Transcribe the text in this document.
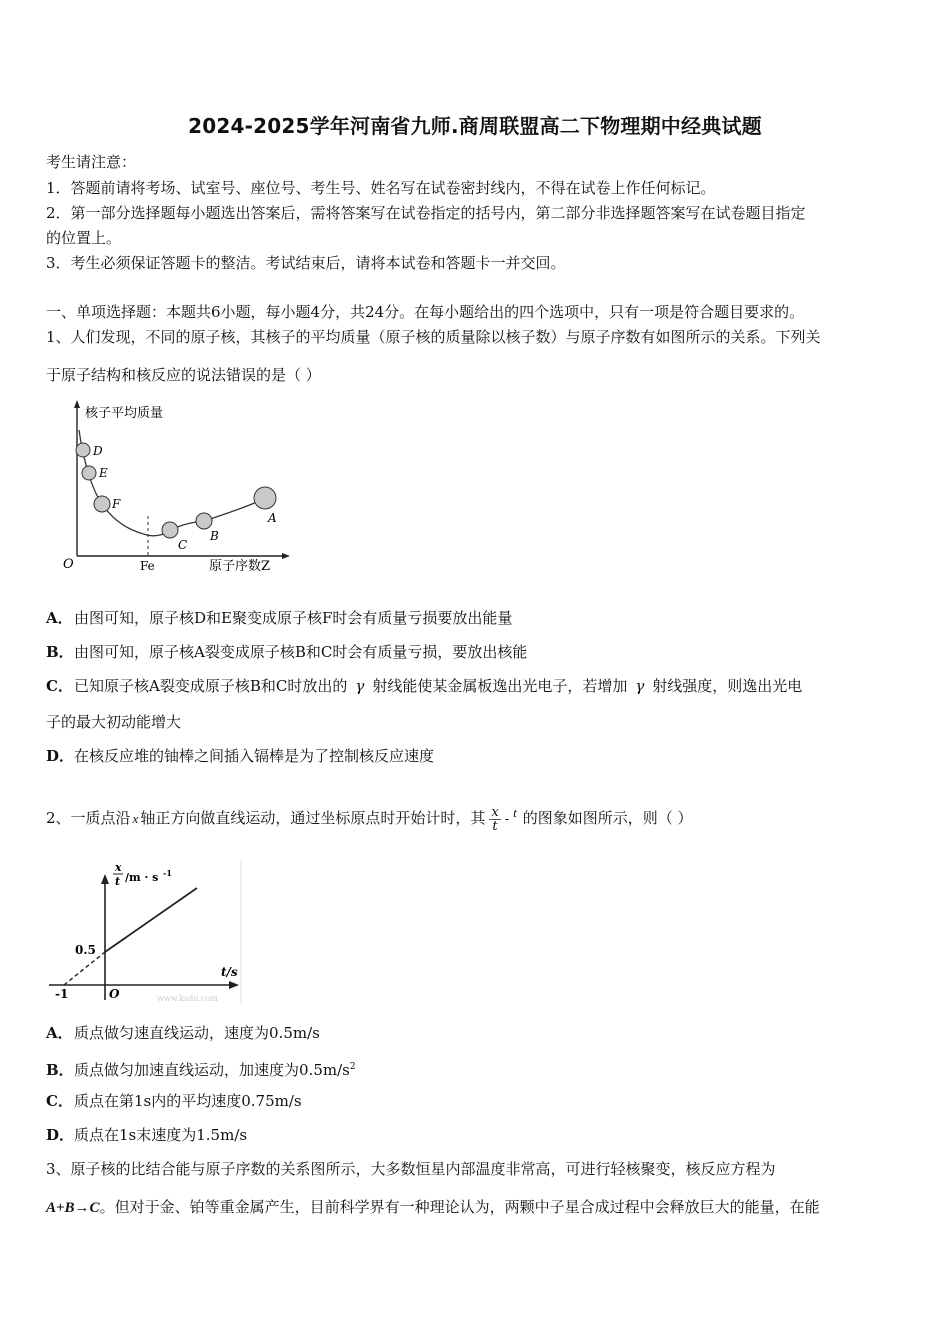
2024-2025学年河南省九师.商周联盟高二下物理期中经典试题
考生请注意：
1．答题前请将考场、试室号、座位号、考生号、姓名写在试卷密封线内，不得在试卷上作任何标记。
2．第一部分选择题每小题选出答案后，需将答案写在试卷指定的括号内，第二部分非选择题答案写在试卷题目指定
的位置上。
3．考生必须保证答题卡的整洁。考试结束后，请将本试卷和答题卡一并交回。
一、单项选择题：本题共6小题，每小题4分，共24分。在每小题给出的四个选项中，只有一项是符合题目要求的。
1、人们发现，不同的原子核，其核子的平均质量（原子核的质量除以核子数）与原子序数有如图所示的关系。下列关
于原子结构和核反应的说法错误的是（ ）
核子平均质量
O	Fe	原子序数Z
D
E
F
C
B
A
A．由图可知，原子核D和E聚变成原子核F时会有质量亏损要放出能量
B．由图可知，原子核A裂变成原子核B和C时会有质量亏损，要放出核能
C．已知原子核A裂变成原子核B和C时放出的 γ 射线能使某金属板逸出光电子，若增加 γ 射线强度，则逸出光电
子的最大初动能增大
D．在核反应堆的铀棒之间插入镉棒是为了控制核反应速度
2、一质点沿 x 轴正方向做直线运动，通过坐标原点时开始计时，其 $\frac{x}{t}$ - t 的图象如图所示，则（ ）
x
t /m · s -1
0.5
t/s
-1	O	www.ksdu.com
A．质点做匀速直线运动，速度为0.5m/s
B．质点做匀加速直线运动，加速度为$0.5m/s^2$
C．质点在第1s内的平均速度0.75m/s
D．质点在1s末速度为1.5m/s
3、原子核的比结合能与原子序数的关系图所示，大多数恒星内部温度非常高，可进行轻核聚变，核反应方程为
A+B→C。但对于金、铂等重金属产生，目前科学界有一种理论认为，两颗中子星合成过程中会释放巨大的能量，在能
